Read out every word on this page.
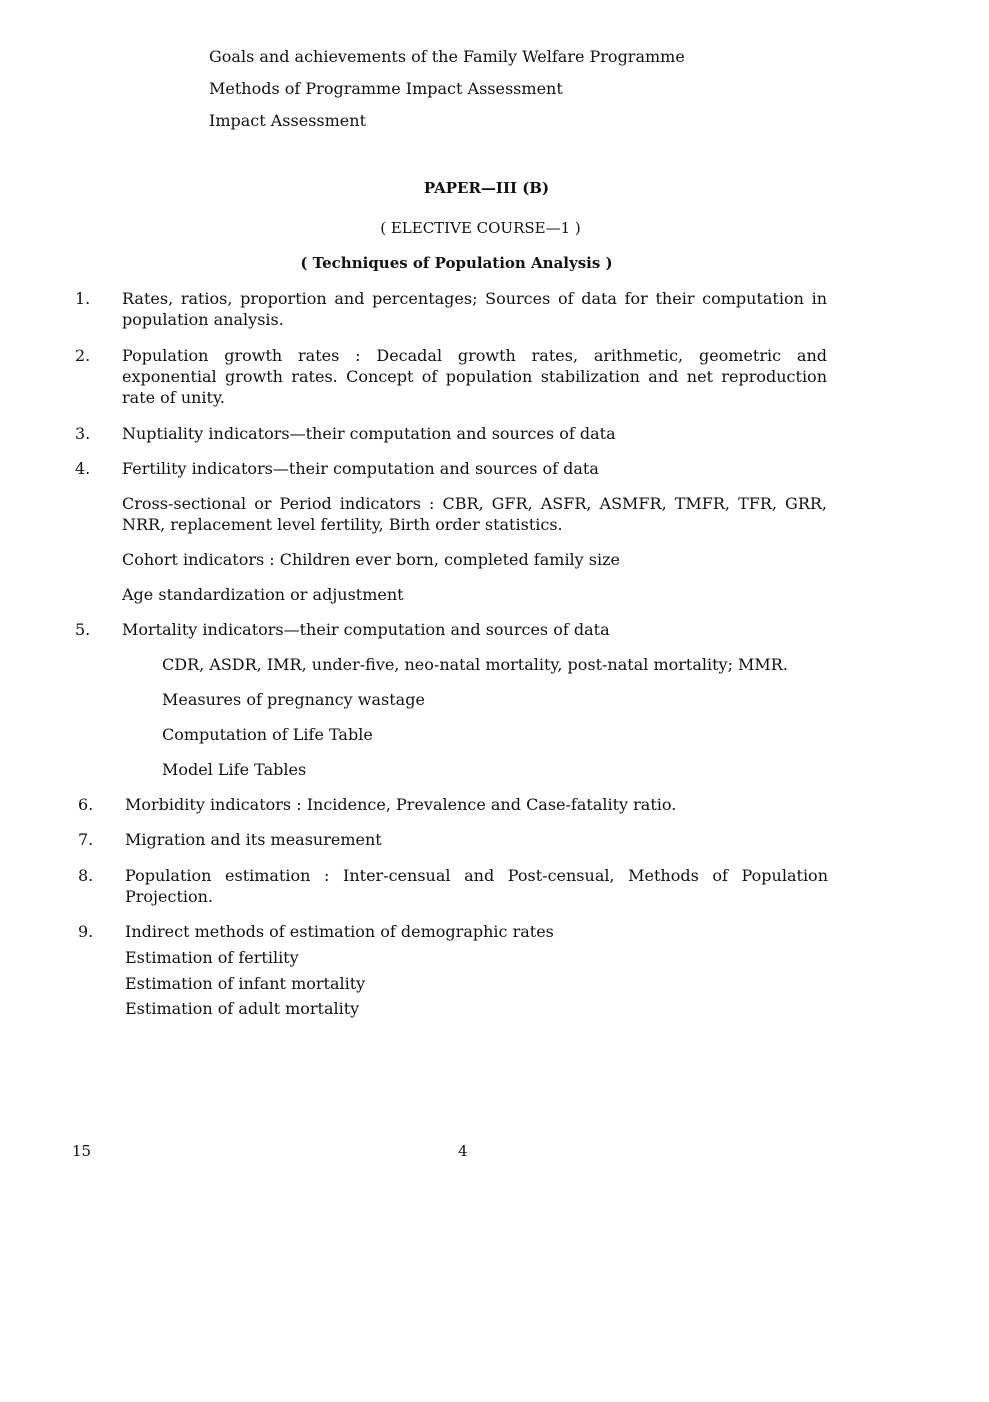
Goals and achievements of the Family Welfare Programme
Methods of Programme Impact Assessment
Impact Assessment
PAPER—III (B)
( ELECTIVE COURSE—1 )
( Techniques of Population Analysis )
1. Rates, ratios, proportion and percentages; Sources of data for their computation in population analysis.
2. Population growth rates : Decadal growth rates, arithmetic, geometric and exponential growth rates. Concept of population stabilization and net reproduction rate of unity.
3. Nuptiality indicators—their computation and sources of data
4. Fertility indicators—their computation and sources of data
Cross-sectional or Period indicators : CBR, GFR, ASFR, ASMFR, TMFR, TFR, GRR, NRR, replacement level fertility, Birth order statistics.
Cohort indicators : Children ever born, completed family size
Age standardization or adjustment
5. Mortality indicators—their computation and sources of data
CDR, ASDR, IMR, under-five, neo-natal mortality, post-natal mortality; MMR.
Measures of pregnancy wastage
Computation of Life Table
Model Life Tables
6. Morbidity indicators : Incidence, Prevalence and Case-fatality ratio.
7. Migration and its measurement
8. Population estimation : Inter-censual and Post-censual, Methods of Population Projection.
9. Indirect methods of estimation of demographic rates
Estimation of fertility
Estimation of infant mortality
Estimation of adult mortality
15	4
